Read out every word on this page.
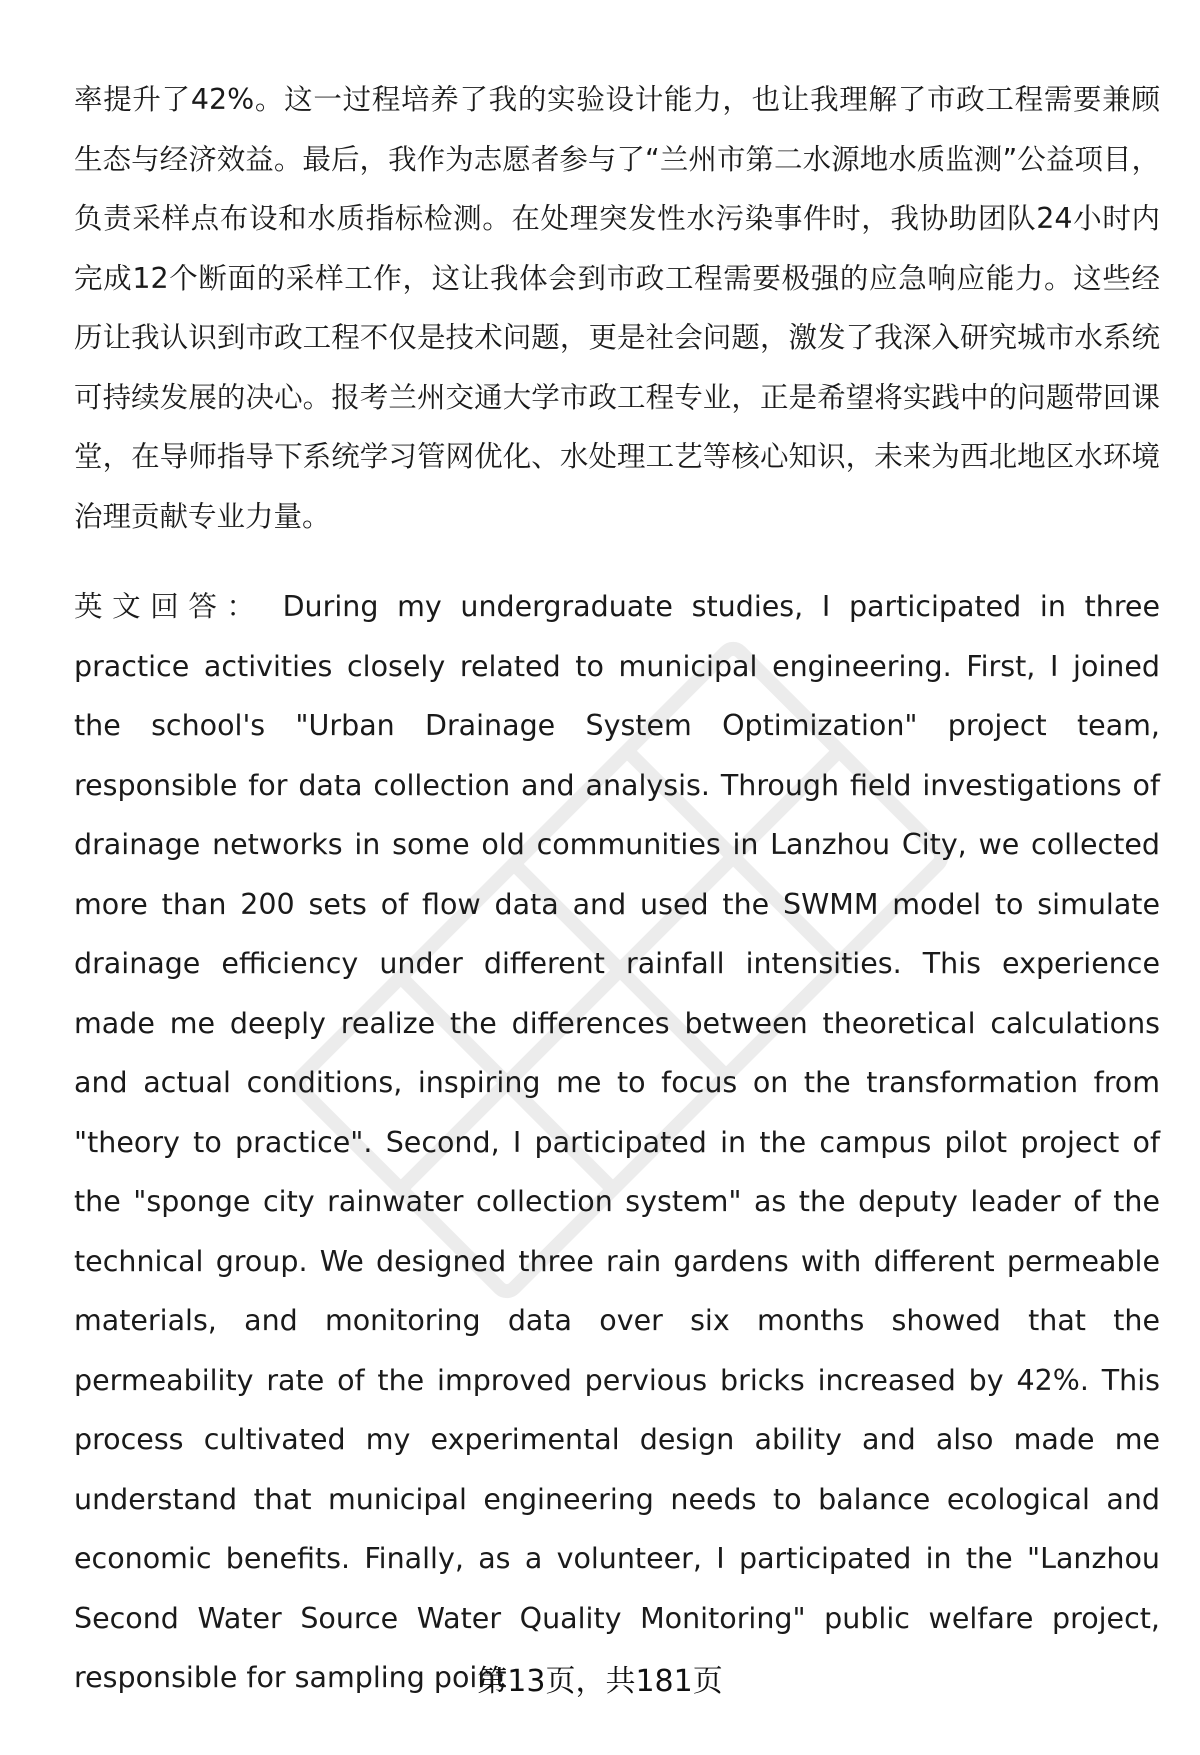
率提升了42%。这一过程培养了我的实验设计能力，也让我理解了市政工程需要兼顾生态与经济效益。最后，我作为志愿者参与了“兰州市第二水源地水质监测”公益项目，负责采样点布设和水质指标检测。在处理突发性水污染事件时，我协助团队24小时内完成12个断面的采样工作，这让我体会到市政工程需要极强的应急响应能力。这些经历让我认识到市政工程不仅是技术问题，更是社会问题，激发了我深入研究城市水系统可持续发展的决心。报考兰州交通大学市政工程专业，正是希望将实践中的问题带回课堂，在导师指导下系统学习管网优化、水处理工艺等核心知识，未来为西北地区水环境治理贡献专业力量。

英文回答： During my undergraduate studies, I participated in three practice activities closely related to municipal engineering. First, I joined the school's "Urban Drainage System Optimization" project team, responsible for data collection and analysis. Through field investigations of drainage networks in some old communities in Lanzhou City, we collected more than 200 sets of flow data and used the SWMM model to simulate drainage efficiency under different rainfall intensities. This experience made me deeply realize the differences between theoretical calculations and actual conditions, inspiring me to focus on the transformation from "theory to practice". Second, I participated in the campus pilot project of the "sponge city rainwater collection system" as the deputy leader of the technical group. We designed three rain gardens with different permeable materials, and monitoring data over six months showed that the permeability rate of the improved pervious bricks increased by 42%. This process cultivated my experimental design ability and also made me understand that municipal engineering needs to balance ecological and economic benefits. Finally, as a volunteer, I participated in the "Lanzhou Second Water Source Water Quality Monitoring" public welfare project, responsible for sampling point

第13页，共181页
